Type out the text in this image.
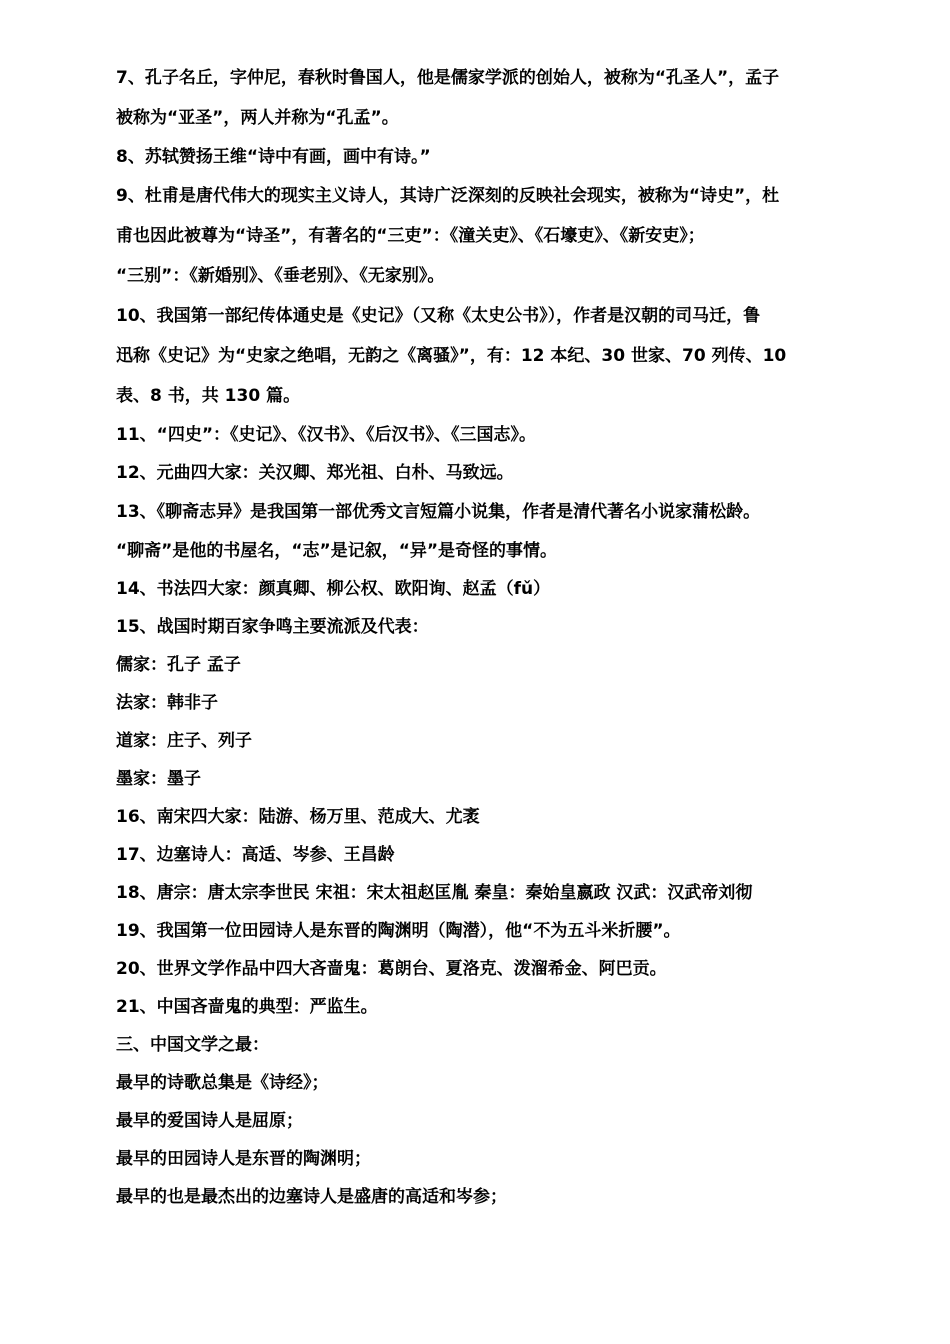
7、孔子名丘，字仲尼，春秋时鲁国人，他是儒家学派的创始人，被称为“孔圣人”，孟子
被称为“亚圣”，两人并称为“孔孟”。
8、苏轼赞扬王维“诗中有画，画中有诗。”
9、杜甫是唐代伟大的现实主义诗人，其诗广泛深刻的反映社会现实，被称为“诗史”，杜
甫也因此被尊为“诗圣”，有著名的“三吏”：《潼关吏》、《石壕吏》、《新安吏》；
“三别”：《新婚别》、《垂老别》、《无家别》。
10、我国第一部纪传体通史是《史记》（又称《太史公书》），作者是汉朝的司马迁，鲁
迅称《史记》为“史家之绝唱，无韵之《离骚》”，有：12 本纪、30 世家、70 列传、10
表、8 书，共 130 篇。
11、“四史”：《史记》、《汉书》、《后汉书》、《三国志》。
12、元曲四大家：关汉卿、郑光祖、白朴、马致远。
13、《聊斋志异》是我国第一部优秀文言短篇小说集，作者是清代著名小说家蒲松龄。
“聊斋”是他的书屋名，“志”是记叙，“异”是奇怪的事情。
14、书法四大家：颜真卿、柳公权、欧阳询、赵孟（fǔ）
15、战国时期百家争鸣主要流派及代表：
儒家：孔子 孟子
法家：韩非子
道家：庄子、列子
墨家：墨子
16、南宋四大家：陆游、杨万里、范成大、尤袤
17、边塞诗人：高适、岑参、王昌龄
18、唐宗：唐太宗李世民 宋祖：宋太祖赵匡胤 秦皇：秦始皇嬴政 汉武：汉武帝刘彻
19、我国第一位田园诗人是东晋的陶渊明（陶潜），他“不为五斗米折腰”。
20、世界文学作品中四大吝啬鬼：葛朗台、夏洛克、泼溜希金、阿巴贡。
21、中国吝啬鬼的典型：严监生。
三、中国文学之最：
最早的诗歌总集是《诗经》；
最早的爱国诗人是屈原；
最早的田园诗人是东晋的陶渊明；
最早的也是最杰出的边塞诗人是盛唐的高适和岑参；
